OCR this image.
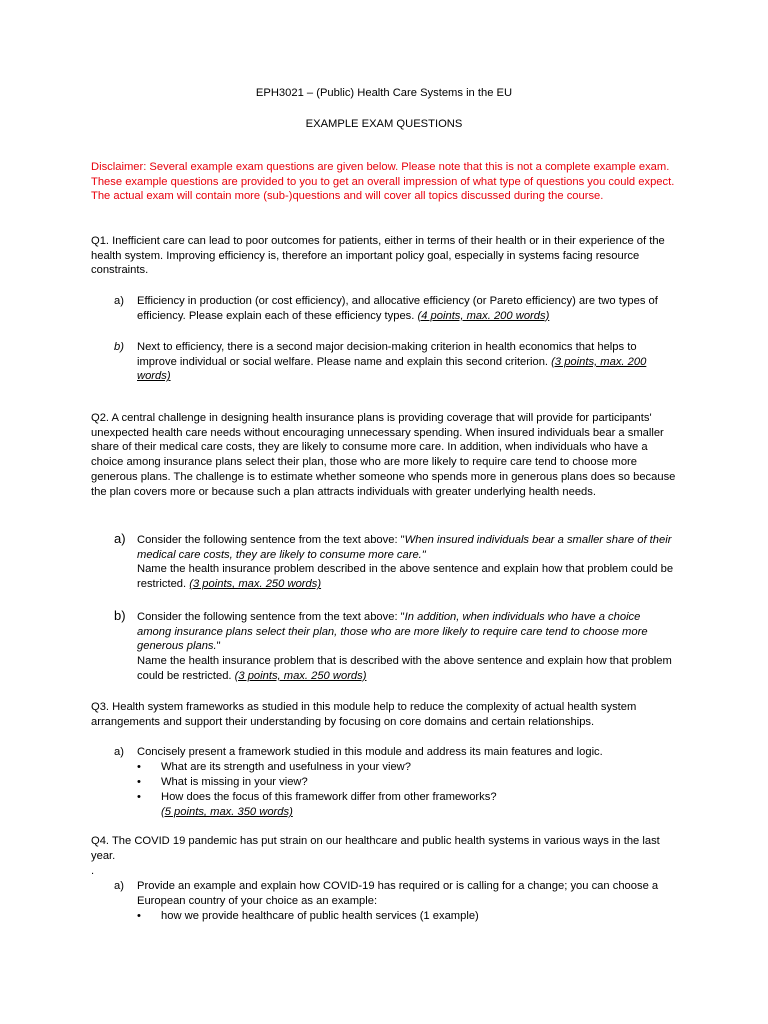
EPH3021 – (Public) Health Care Systems in the EU

EXAMPLE EXAM QUESTIONS

Disclaimer: Several example exam questions are given below. Please note that this is not a complete example exam. These example questions are provided to you to get an overall impression of what type of questions you could expect. The actual exam will contain more (sub-)questions and will cover all topics discussed during the course.

Q1. Inefficient care can lead to poor outcomes for patients, either in terms of their health or in their experience of the health system. Improving efficiency is, therefore an important policy goal, especially in systems facing resource constraints.

a) Efficiency in production (or cost efficiency), and allocative efficiency (or Pareto efficiency) are two types of efficiency. Please explain each of these efficiency types. (4 points, max. 200 words)
b) Next to efficiency, there is a second major decision-making criterion in health economics that helps to improve individual or social welfare. Please name and explain this second criterion. (3 points, max. 200 words)

Q2. A central challenge in designing health insurance plans is providing coverage that will provide for participants' unexpected health care needs without encouraging unnecessary spending. When insured individuals bear a smaller share of their medical care costs, they are likely to consume more care. In addition, when individuals who have a choice among insurance plans select their plan, those who are more likely to require care tend to choose more generous plans. The challenge is to estimate whether someone who spends more in generous plans does so because the plan covers more or because such a plan attracts individuals with greater underlying health needs.

a) Consider the following sentence from the text above: "When insured individuals bear a smaller share of their medical care costs, they are likely to consume more care."
Name the health insurance problem described in the above sentence and explain how that problem could be restricted. (3 points, max. 250 words)
b) Consider the following sentence from the text above: "In addition, when individuals who have a choice among insurance plans select their plan, those who are more likely to require care tend to choose more generous plans."
Name the health insurance problem that is described with the above sentence and explain how that problem could be restricted. (3 points, max. 250 words)

Q3. Health system frameworks as studied in this module help to reduce the complexity of actual health system arrangements and support their understanding by focusing on core domains and certain relationships.

a) Concisely present a framework studied in this module and address its main features and logic.
• What are its strength and usefulness in your view?
• What is missing in your view?
• How does the focus of this framework differ from other frameworks?
(5 points, max. 350 words)

Q4. The COVID 19 pandemic has put strain on our healthcare and public health systems in various ways in the last year.

.

a) Provide an example and explain how COVID-19 has required or is calling for a change; you can choose a European country of your choice as an example:
• how we provide healthcare of public health services (1 example)
